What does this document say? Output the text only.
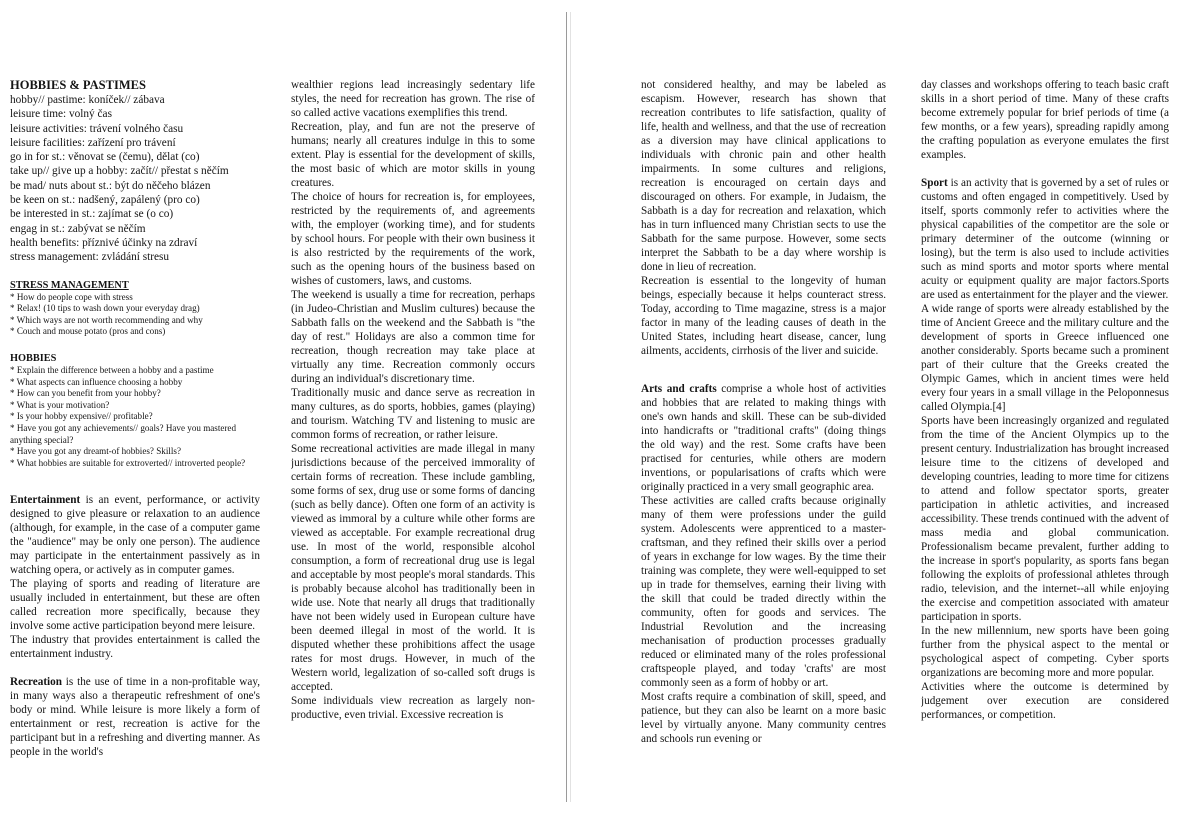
HOBBIES & PASTIMES
hobby// pastime: koníček// zábava
leisure time: volný čas
leisure activities: trávení volného času
leisure facilities: zařízení pro trávení
go in for st.: věnovat se (čemu), dělat (co)
take up// give up a hobby: začít// přestat s něčím
be mad/ nuts about st.: být do něčeho blázen
be keen on st.: nadšený, zapálený (pro co)
be interested in st.: zajímat se (o co)
engag in st.: zabývat se něčím
health benefits: příznivé účinky na zdraví
stress management: zvládání stresu
STRESS MANAGEMENT
* How do people cope with stress
* Relax! (10 tips to wash down your everyday drag)
* Which ways are not worth recommending and why
* Couch and mouse potato (pros and cons)
HOBBIES
* Explain the difference between a hobby and a pastime
* What aspects can influence choosing a hobby
* How can you benefit from your hobby?
* What is your motivation?
* Is your hobby expensive// profitable?
* Have you got any achievements// goals? Have you mastered anything special?
* Have you got any dreamt-of hobbies? Skills?
* What hobbies are suitable for extroverted// introverted people?

Entertainment is an event, performance, or activity designed to give pleasure or relaxation to an audience (although, for example, in the case of a computer game the "audience" may be only one person). The audience may participate in the entertainment passively as in watching opera, or actively as in computer games.

The playing of sports and reading of literature are usually included in entertainment, but these are often called recreation more specifically, because they involve some active participation beyond mere leisure.

The industry that provides entertainment is called the entertainment industry.

Recreation is the use of time in a non-profitable way, in many ways also a therapeutic refreshment of one's body or mind. While leisure is more likely a form of entertainment or rest, recreation is active for the participant but in a refreshing and diverting manner. As people in the world's

wealthier regions lead increasingly sedentary life styles, the need for recreation has grown. The rise of so called active vacations exemplifies this trend.

Recreation, play, and fun are not the preserve of humans; nearly all creatures indulge in this to some extent. Play is essential for the development of skills, the most basic of which are motor skills in young creatures.

The choice of hours for recreation is, for employees, restricted by the requirements of, and agreements with, the employer (working time), and for students by school hours. For people with their own business it is also restricted by the requirements of the work, such as the opening hours of the business based on wishes of customers, laws, and customs.

The weekend is usually a time for recreation, perhaps (in Judeo-Christian and Muslim cultures) because the Sabbath falls on the weekend and the Sabbath is "the day of rest." Holidays are also a common time for recreation, though recreation may take place at virtually any time. Recreation commonly occurs during an individual's discretionary time.

Traditionally music and dance serve as recreation in many cultures, as do sports, hobbies, games (playing) and tourism. Watching TV and listening to music are common forms of recreation, or rather leisure.

Some recreational activities are made illegal in many jurisdictions because of the perceived immorality of certain forms of recreation. These include gambling, some forms of sex, drug use or some forms of dancing (such as belly dance). Often one form of an activity is viewed as immoral by a culture while other forms are viewed as acceptable. For example recreational drug use. In most of the world, responsible alcohol consumption, a form of recreational drug use is legal and acceptable by most people's moral standards. This is probably because alcohol has traditionally been in wide use. Note that nearly all drugs that traditionally have not been widely used in European culture have been deemed illegal in most of the world. It is disputed whether these prohibitions affect the usage rates for most drugs. However, in much of the Western world, legalization of so-called soft drugs is accepted.

Some individuals view recreation as largely non-productive, even trivial. Excessive recreation is

not considered healthy, and may be labeled as escapism. However, research has shown that recreation contributes to life satisfaction, quality of life, health and wellness, and that the use of recreation as a diversion may have clinical applications to individuals with chronic pain and other health impairments. In some cultures and religions, recreation is encouraged on certain days and discouraged on others. For example, in Judaism, the Sabbath is a day for recreation and relaxation, which has in turn influenced many Christian sects to use the Sabbath for the same purpose. However, some sects interpret the Sabbath to be a day where worship is done in lieu of recreation.

Recreation is essential to the longevity of human beings, especially because it helps counteract stress. Today, according to Time magazine, stress is a major factor in many of the leading causes of death in the United States, including heart disease, cancer, lung ailments, accidents, cirrhosis of the liver and suicide.

Arts and crafts comprise a whole host of activities and hobbies that are related to making things with one's own hands and skill. These can be sub-divided into handicrafts or "traditional crafts" (doing things the old way) and the rest. Some crafts have been practised for centuries, while others are modern inventions, or popularisations of crafts which were originally practiced in a very small geographic area.

These activities are called crafts because originally many of them were professions under the guild system. Adolescents were apprenticed to a master-craftsman, and they refined their skills over a period of years in exchange for low wages. By the time their training was complete, they were well-equipped to set up in trade for themselves, earning their living with the skill that could be traded directly within the community, often for goods and services. The Industrial Revolution and the increasing mechanisation of production processes gradually reduced or eliminated many of the roles professional craftspeople played, and today 'crafts' are most commonly seen as a form of hobby or art.

Most crafts require a combination of skill, speed, and patience, but they can also be learnt on a more basic level by virtually anyone. Many community centres and schools run evening or

day classes and workshops offering to teach basic craft skills in a short period of time. Many of these crafts become extremely popular for brief periods of time (a few months, or a few years), spreading rapidly among the crafting population as everyone emulates the first examples.

Sport is an activity that is governed by a set of rules or customs and often engaged in competitively. Used by itself, sports commonly refer to activities where the physical capabilities of the competitor are the sole or primary determiner of the outcome (winning or losing), but the term is also used to include activities such as mind sports and motor sports where mental acuity or equipment quality are major factors.Sports are used as entertainment for the player and the viewer.

A wide range of sports were already established by the time of Ancient Greece and the military culture and the development of sports in Greece influenced one another considerably. Sports became such a prominent part of their culture that the Greeks created the Olympic Games, which in ancient times were held every four years in a small village in the Peloponnesus called Olympia.[4]

Sports have been increasingly organized and regulated from the time of the Ancient Olympics up to the present century. Industrialization has brought increased leisure time to the citizens of developed and developing countries, leading to more time for citizens to attend and follow spectator sports, greater participation in athletic activities, and increased accessibility. These trends continued with the advent of mass media and global communication. Professionalism became prevalent, further adding to the increase in sport's popularity, as sports fans began following the exploits of professional athletes through radio, television, and the internet--all while enjoying the exercise and competition associated with amateur participation in sports.

In the new millennium, new sports have been going further from the physical aspect to the mental or psychological aspect of competing. Cyber sports organizations are becoming more and more popular.

Activities where the outcome is determined by judgement over execution are considered performances, or competition.
